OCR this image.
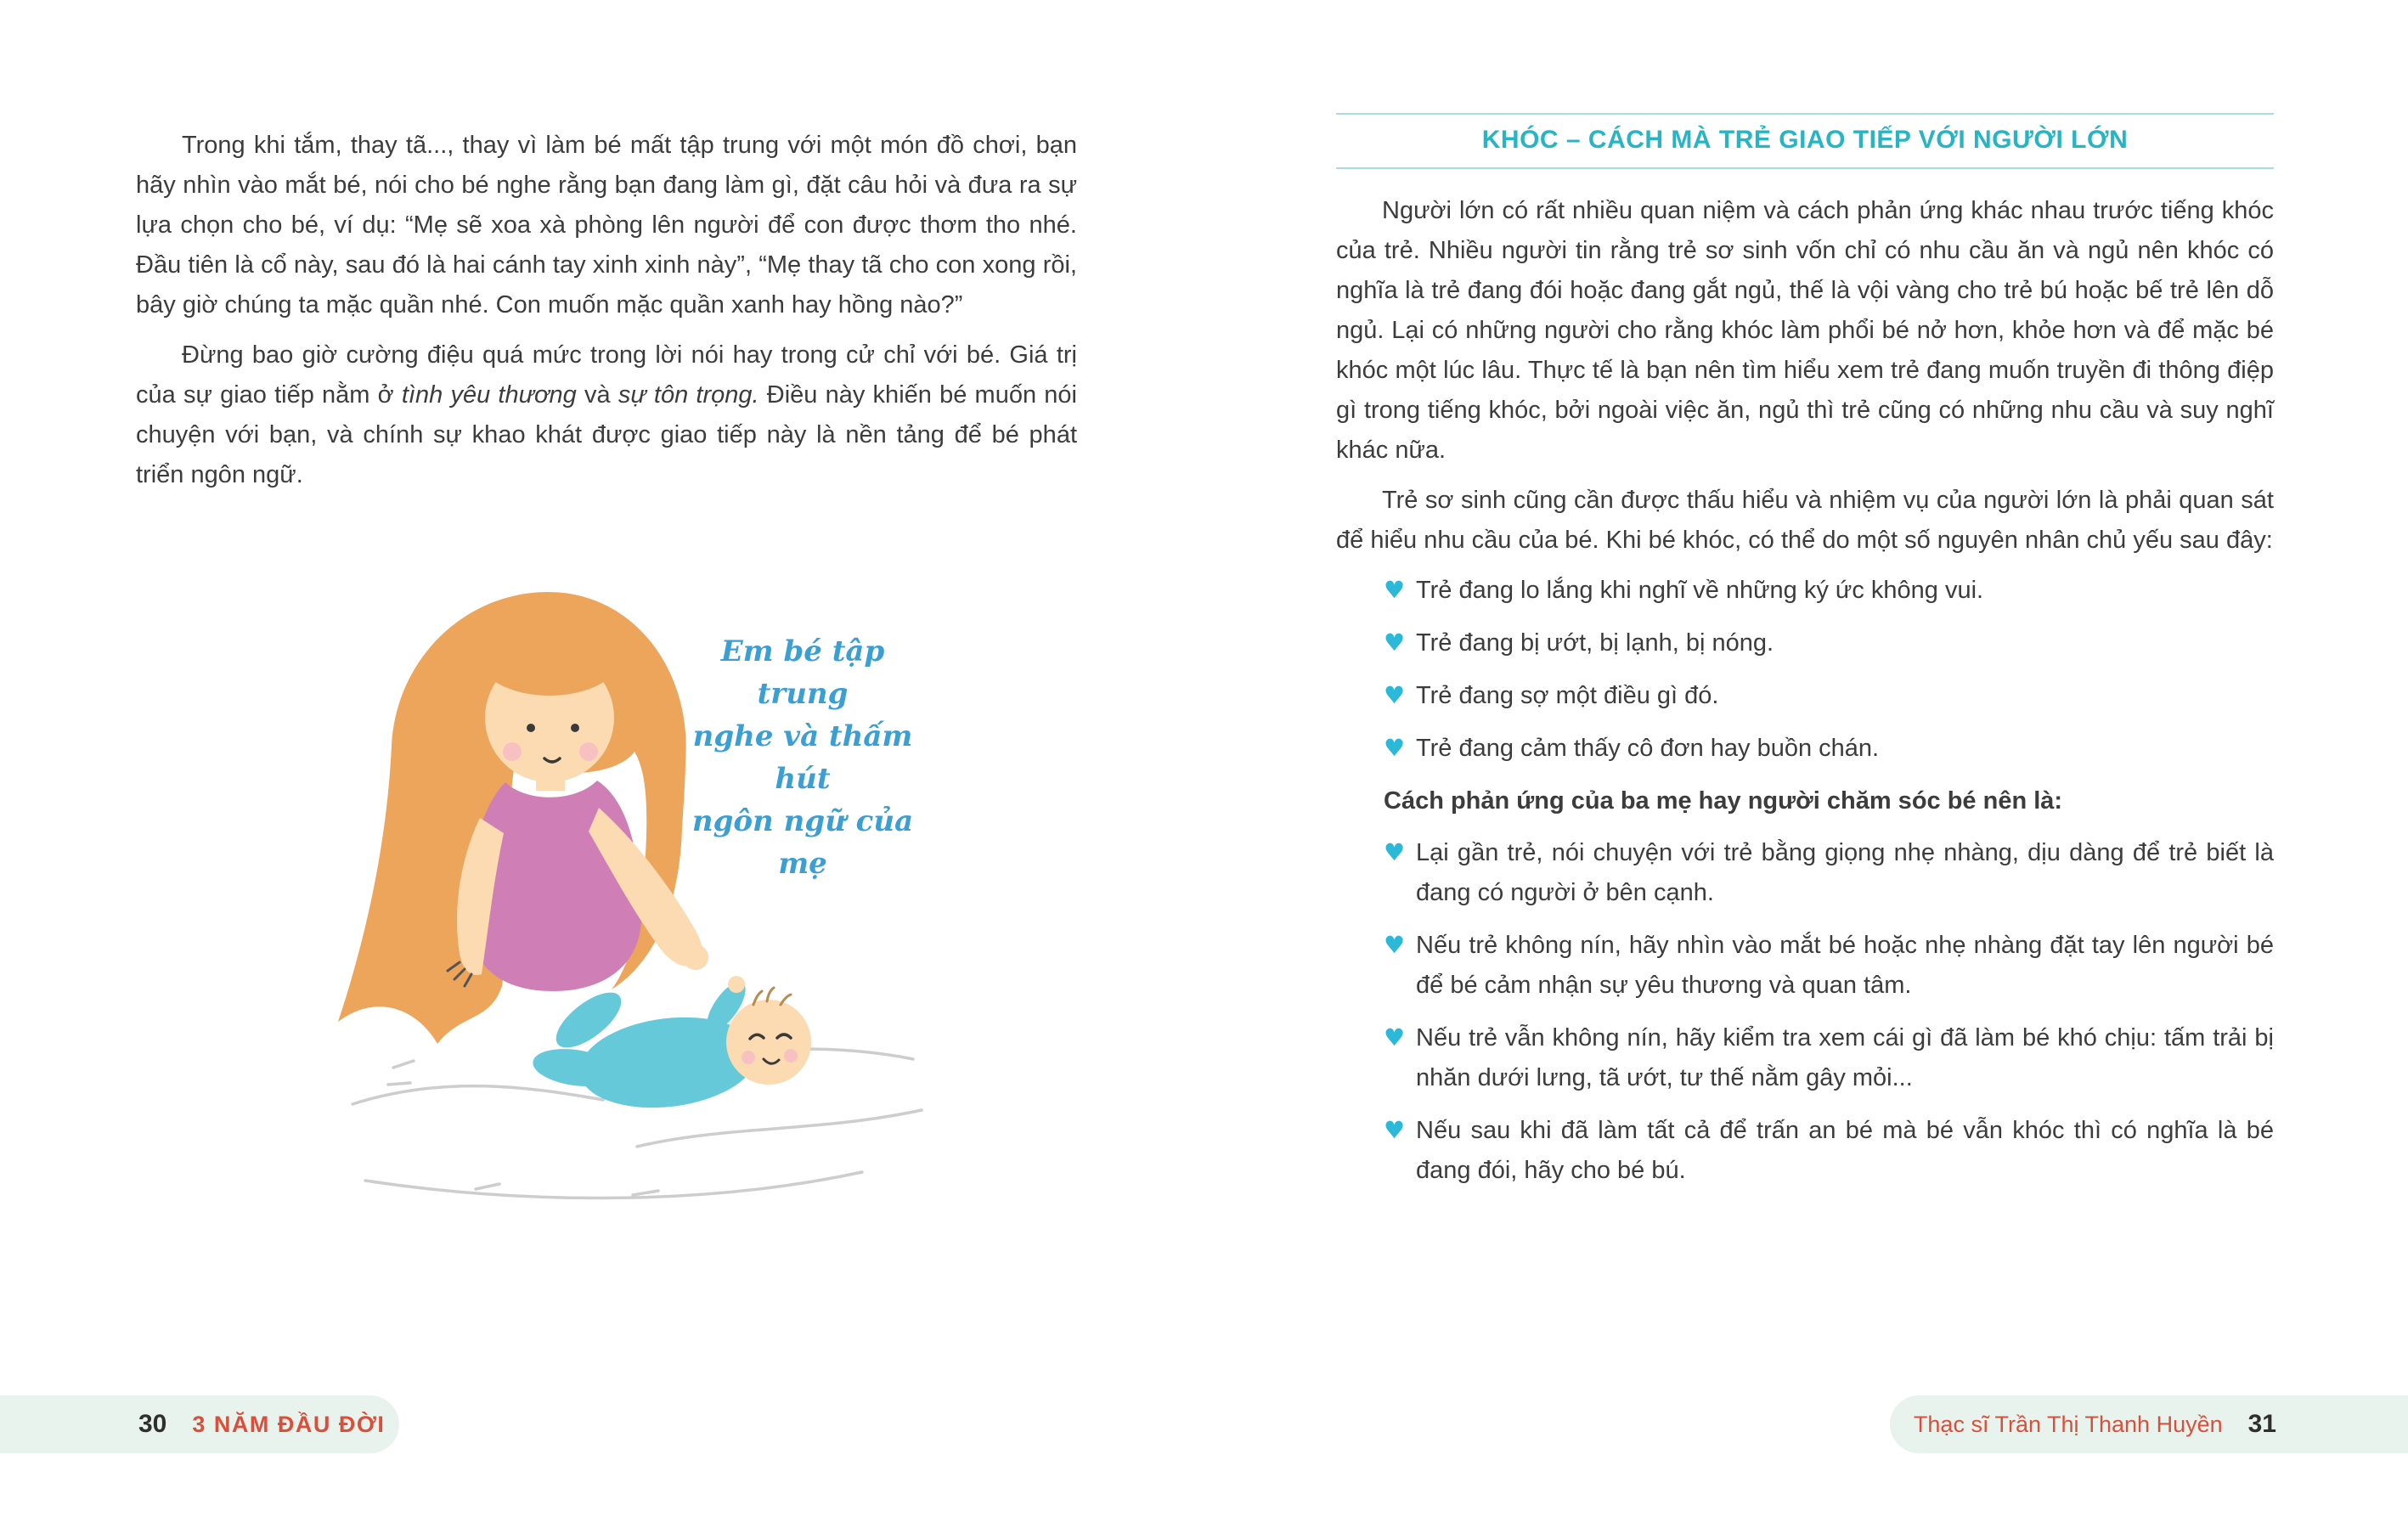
Trong khi tắm, thay tã..., thay vì làm bé mất tập trung với một món đồ chơi, bạn hãy nhìn vào mắt bé, nói cho bé nghe rằng bạn đang làm gì, đặt câu hỏi và đưa ra sự lựa chọn cho bé, ví dụ: “Mẹ sẽ xoa xà phòng lên người để con được thơm tho nhé. Đầu tiên là cổ này, sau đó là hai cánh tay xinh xinh này”, “Mẹ thay tã cho con xong rồi, bây giờ chúng ta mặc quần nhé. Con muốn mặc quần xanh hay hồng nào?”

Đừng bao giờ cường điệu quá mức trong lời nói hay trong cử chỉ với bé. Giá trị của sự giao tiếp nằm ở tình yêu thương và sự tôn trọng. Điều này khiến bé muốn nói chuyện với bạn, và chính sự khao khát được giao tiếp này là nền tảng để bé phát triển ngôn ngữ.

Em bé tập trung
nghe và thấm hút
ngôn ngữ của mẹ
KHÓC – CÁCH MÀ TRẺ GIAO TIẾP VỚI NGƯỜI LỚN

Người lớn có rất nhiều quan niệm và cách phản ứng khác nhau trước tiếng khóc của trẻ. Nhiều người tin rằng trẻ sơ sinh vốn chỉ có nhu cầu ăn và ngủ nên khóc có nghĩa là trẻ đang đói hoặc đang gắt ngủ, thế là vội vàng cho trẻ bú hoặc bế trẻ lên dỗ ngủ. Lại có những người cho rằng khóc làm phổi bé nở hơn, khỏe hơn và để mặc bé khóc một lúc lâu. Thực tế là bạn nên tìm hiểu xem trẻ đang muốn truyền đi thông điệp gì trong tiếng khóc, bởi ngoài việc ăn, ngủ thì trẻ cũng có những nhu cầu và suy nghĩ khác nữa.

Trẻ sơ sinh cũng cần được thấu hiểu và nhiệm vụ của người lớn là phải quan sát để hiểu nhu cầu của bé. Khi bé khóc, có thể do một số nguyên nhân chủ yếu sau đây:

♥ Trẻ đang lo lắng khi nghĩ về những ký ức không vui.
♥ Trẻ đang bị ướt, bị lạnh, bị nóng.
♥ Trẻ đang sợ một điều gì đó.
♥ Trẻ đang cảm thấy cô đơn hay buồn chán.
Cách phản ứng của ba mẹ hay người chăm sóc bé nên là:
♥ Lại gần trẻ, nói chuyện với trẻ bằng giọng nhẹ nhàng, dịu dàng để trẻ biết là đang có người ở bên cạnh.
♥ Nếu trẻ không nín, hãy nhìn vào mắt bé hoặc nhẹ nhàng đặt tay lên người bé để bé cảm nhận sự yêu thương và quan tâm.
♥ Nếu trẻ vẫn không nín, hãy kiểm tra xem cái gì đã làm bé khó chịu: tấm trải bị nhăn dưới lưng, tã ướt, tư thế nằm gây mỏi...
♥ Nếu sau khi đã làm tất cả để trấn an bé mà bé vẫn khóc thì có nghĩa là bé đang đói, hãy cho bé bú.
30 3 NĂM ĐẦU ĐỜI	Thạc sĩ Trần Thị Thanh Huyền 31
